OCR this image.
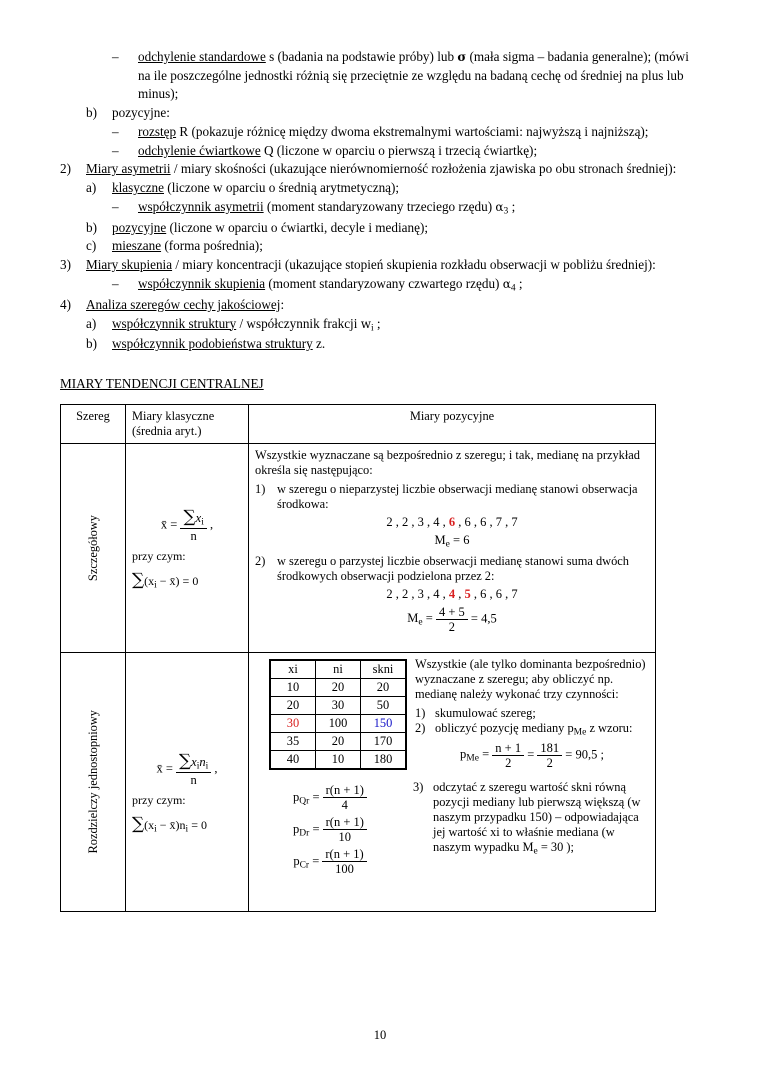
–	odchylenie standardowe s (badania na podstawie próby) lub σ (mała sigma – badania generalne); (mówi na ile poszczególne jednostki różnią się przeciętnie ze względu na badaną cechę od średniej na plus lub minus);
b)	pozycyjne:
–	rozstęp R (pokazuje różnicę między dwoma ekstremalnymi wartościami: najwyższą i najniższą);
–	odchylenie ćwiartkowe Q (liczone w oparciu o pierwszą i trzecią ćwiartkę);
2)	Miary asymetrii / miary skośności (ukazujące nierównomierność rozłożenia zjawiska po obu stronach średniej):
a)	klasyczne (liczone w oparciu o średnią arytmetyczną);
–	współczynnik asymetrii (moment standaryzowany trzeciego rzędu) $\alpha_3$ ;
b)	pozycyjne (liczone w oparciu o ćwiartki, decyle i medianę);
c)	mieszane (forma pośrednia);
3)	Miary skupienia / miary koncentracji (ukazujące stopień skupienia rozkładu obserwacji w pobliżu średniej):
–	współczynnik skupienia (moment standaryzowany czwartego rzędu) $\alpha_4$ ;
4)	Analiza szeregów cechy jakościowej:
a)	współczynnik struktury / współczynnik frakcji $w_i$ ;
b)	współczynnik podobieństwa struktury z.
MIARY TENDENCJI CENTRALNEJ
Szereg	Miary klasyczne (średnia aryt.)	Miary pozycyjne

Szczegółowy	x̄ = $\frac{\sum x_i}{n}$ ,
przy czym:
$\sum(x_i$ − x̄) = 0

Wszystkie wyznaczane są bezpośrednio z szeregu; i tak, medianę na przykład określa się następująco:
1) w szeregu o nieparzystej liczbie obserwacji medianę stanowi obserwacja środkowa:
2 , 2 , 3 , 4 , 6 , 6 , 6 , 7 , 7
$M_e = 6$
2) w szeregu o parzystej liczbie obserwacji medianę stanowi suma dwóch środkowych obserwacji podzielona przez 2:
2 , 2 , 3 , 4 , 4 , 5 , 6 , 6 , 7
$M_e = \frac{4 + 5}{2} = 4,5$

Rozdzielczy jednostopniowy	x̄ = $\frac{\sum x_in_i}{n}$ ,
przy czym:
$\sum(x_i$ − $x̄)n_i = 0$

xi	ni	skni
10	20	20
20	30	50
30	100	150
35	20	170
40	10	180
Wszystkie (ale tylko dominanta bezpośrednio) wyznaczane z szeregu; aby obliczyć np. medianę należy wykonać trzy czynności:
1) skumulować szereg;
2) obliczyć pozycję mediany $p_{Me}$ z wzoru:
$p_{Me} = \frac{n + 1}{2} = \frac{181}{2} = 90,5$ ;
$p_{Qr} = \frac{r(n + 1)}{4}$
$p_{Dr} = \frac{r(n + 1)}{10}$
$p_{Cr} = \frac{r(n + 1)}{100}$
3) odczytać z szeregu wartość skni równą pozycji mediany lub pierwszą większą (w naszym przypadku 150) – odpowiadająca jej wartość xi to właśnie mediana (w naszym wypadku $M_e = 30$ );
10
